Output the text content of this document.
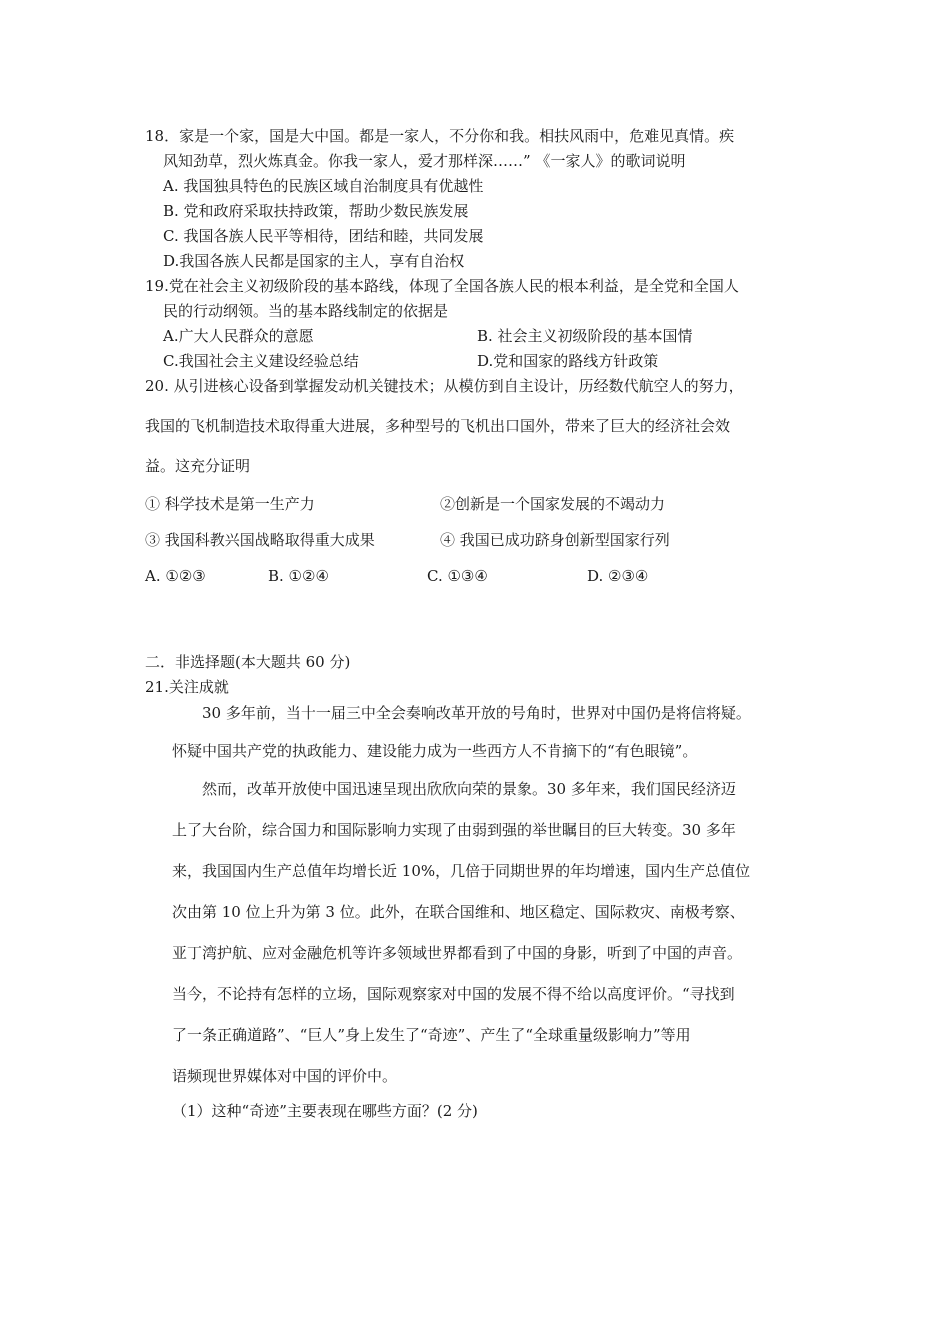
18．家是一个家，国是大中国。都是一家人，不分你和我。相扶风雨中，危难见真情。疾
风知劲草，烈火炼真金。你我一家人，爱才那样深……” 《一家人》的歌词说明
A. 我国独具特色的民族区域自治制度具有优越性
B. 党和政府采取扶持政策，帮助少数民族发展
C. 我国各族人民平等相待，团结和睦，共同发展
D.我国各族人民都是国家的主人，享有自治权
19.党在社会主义初级阶段的基本路线，体现了全国各族人民的根本利益，是全党和全国人
民的行动纲领。当的基本路线制定的依据是
A.广大人民群众的意愿	B. 社会主义初级阶段的基本国情
C.我国社会主义建设经验总结	D.党和国家的路线方针政策
20. 从引进核心设备到掌握发动机关键技术；从模仿到自主设计，历经数代航空人的努力，
我国的飞机制造技术取得重大进展，多种型号的飞机出口国外，带来了巨大的经济社会效
益。这充分证明
① 科学技术是第一生产力	②创新是一个国家发展的不竭动力
③ 我国科教兴国战略取得重大成果	④ 我国已成功跻身创新型国家行列
A. ①②③	B. ①②④	C. ①③④	D. ②③④
二．非选择题(本大题共 60 分)
21.关注成就
30 多年前，当十一届三中全会奏响改革开放的号角时，世界对中国仍是将信将疑。
怀疑中国共产党的执政能力、建设能力成为一些西方人不肯摘下的“有色眼镜”。
然而，改革开放使中国迅速呈现出欣欣向荣的景象。30 多年来，我们国民经济迈
上了大台阶，综合国力和国际影响力实现了由弱到强的举世瞩目的巨大转变。30 多年
来，我国国内生产总值年均增长近 10%，几倍于同期世界的年均增速，国内生产总值位
次由第 10 位上升为第 3 位。此外，在联合国维和、地区稳定、国际救灾、南极考察、
亚丁湾护航、应对金融危机等许多领域世界都看到了中国的身影，听到了中国的声音。
当今，不论持有怎样的立场，国际观察家对中国的发展不得不给以高度评价。“寻找到
了一条正确道路”、“巨人”身上发生了“奇迹”、产生了“全球重量级影响力”等用
语频现世界媒体对中国的评价中。
（1）这种“奇迹”主要表现在哪些方面？(2 分)
